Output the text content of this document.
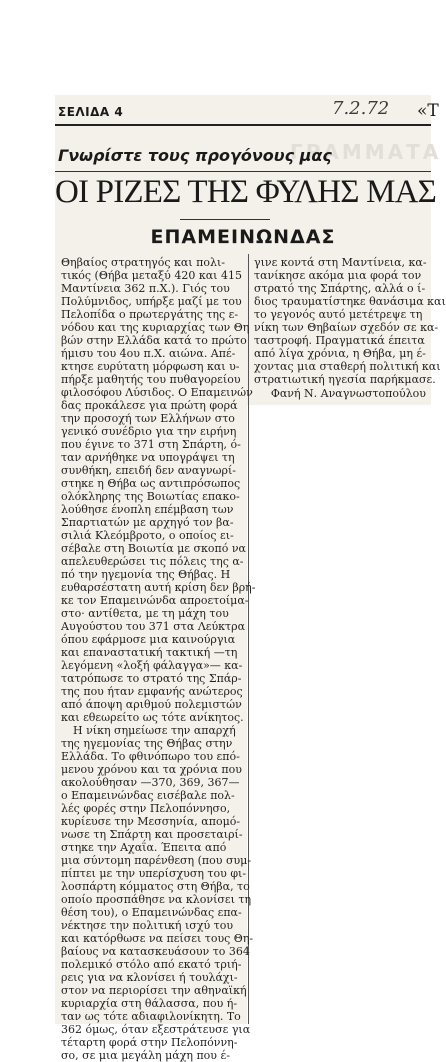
ΣΕΛΙΔΑ 4	7.2.72 «Τ
ΓΡΑΜΜΑΤΑ
Γνωρίστε τους προγόνους μας
ΟΙ ΡΙΖΕΣ ΤΗΣ ΦΥΛΗΣ ΜΑΣ
ΕΠΑΜΕΙΝΩΝΔΑΣ

Θηβαίος στρατηγός και πολι-

τικός (Θήβα μεταξύ 420 και 415

Μαντίνεια 362 π.Χ.). Γιός του

Πολύμνιδος, υπήρξε μαζί με του

Πελοπίδα ο πρωτεργάτης της ε-

νόδου και της κυριαρχίας των Θη

βών στην Ελλάδα κατά το πρώτο

ήμισυ του 4ου π.Χ. αιώνα. Απέ-

κτησε ευρύτατη μόρφωση και υ-

πήρξε μαθητής του πυθαγορείου

φιλοσόφου Λύσιδος. Ο Επαμεινών

δας προκάλεσε για πρώτη φορά

την προσοχή των Ελλήνων στο

γενικό συνέδριο για την ειρήνη

που έγινε το 371 στη Σπάρτη, ό-

ταν αρνήθηκε να υπογράψει τη

συνθήκη, επειδή δεν αναγνωρί-

στηκε η Θήβα ως αντιπρόσωπος

ολόκληρης της Βοιωτίας επακο-

λούθησε ένοπλη επέμβαση των

Σπαρτιατών με αρχηγό τον βα-

σιλιά Κλεόμβροτο, ο οποίος ει-

σέβαλε στη Βοιωτία με σκοπό να

απελευθερώσει τις πόλεις της α-

πό την ηγεμονία της Θήβας. Η

ευθαρσέστατη αυτή κρίση δεν βρή-

κε τον Επαμεινώνδα απροετοίμα-

στο· αντίθετα, με τη μάχη του

Αυγούστου του 371 στα Λεύκτρα

όπου εφάρμοσε μια καινούργια

και επαναστατική τακτική —τη

λεγόμενη «λοξή φάλαγγα»— κα-

τατρόπωσε το στρατό της Σπάρ-

της που ήταν εμφανής ανώτερος

από άποψη αριθμού πολεμιστών

και εθεωρείτο ως τότε ανίκητος.

Η νίκη σημείωσε την απαρχή

της ηγεμονίας της Θήβας στην

Ελλάδα. Το φθινόπωρο του επό-

μενου χρόνου και τα χρόνια που

ακολούθησαν —370, 369, 367—

ο Επαμεινώνδας εισέβαλε πολ-

λές φορές στην Πελοπόννησο,

κυρίευσε την Μεσσηνία, απομό-

νωσε τη Σπάρτη και προσεταιρί-

στηκε την Αχαΐα. Έπειτα από

μια σύντομη παρένθεση (που συμ-

πίπτει με την υπερίσχυση του φι-

λοσπάρτη κόμματος στη Θήβα, το

οποίο προσπάθησε να κλονίσει τη

θέση του), ο Επαμεινώνδας επα-

νέκτησε την πολιτική ισχύ του

και κατόρθωσε να πείσει τους Θη-

βαίους να κατασκευάσουν το 364

πολεμικό στόλο από εκατό τριή-

ρεις για να κλονίσει ή τουλάχι-

στον να περιορίσει την αθηναϊκή

κυριαρχία στη θάλασσα, που ή-

ταν ως τότε αδιαφιλονίκητη. Το

362 όμως, όταν εξεστράτευσε για

τέταρτη φορά στην Πελοπόννη-

σο, σε μια μεγάλη μάχη που έ-

γινε κοντά στη Μαντίνεια, κα-

τανίκησε ακόμα μια φορά τον

στρατό της Σπάρτης, αλλά ο ί-

διος τραυματίστηκε θανάσιμα και

το γεγονός αυτό μετέτρεψε τη

νίκη των Θηβαίων σχεδόν σε κα-

ταστροφή. Πραγματικά έπειτα

από λίγα χρόνια, η Θήβα, μη έ-

χοντας μια σταθερή πολιτική και

στρατιωτική ηγεσία παρήκμασε.

Φανή Ν. Αναγνωστοπούλου
